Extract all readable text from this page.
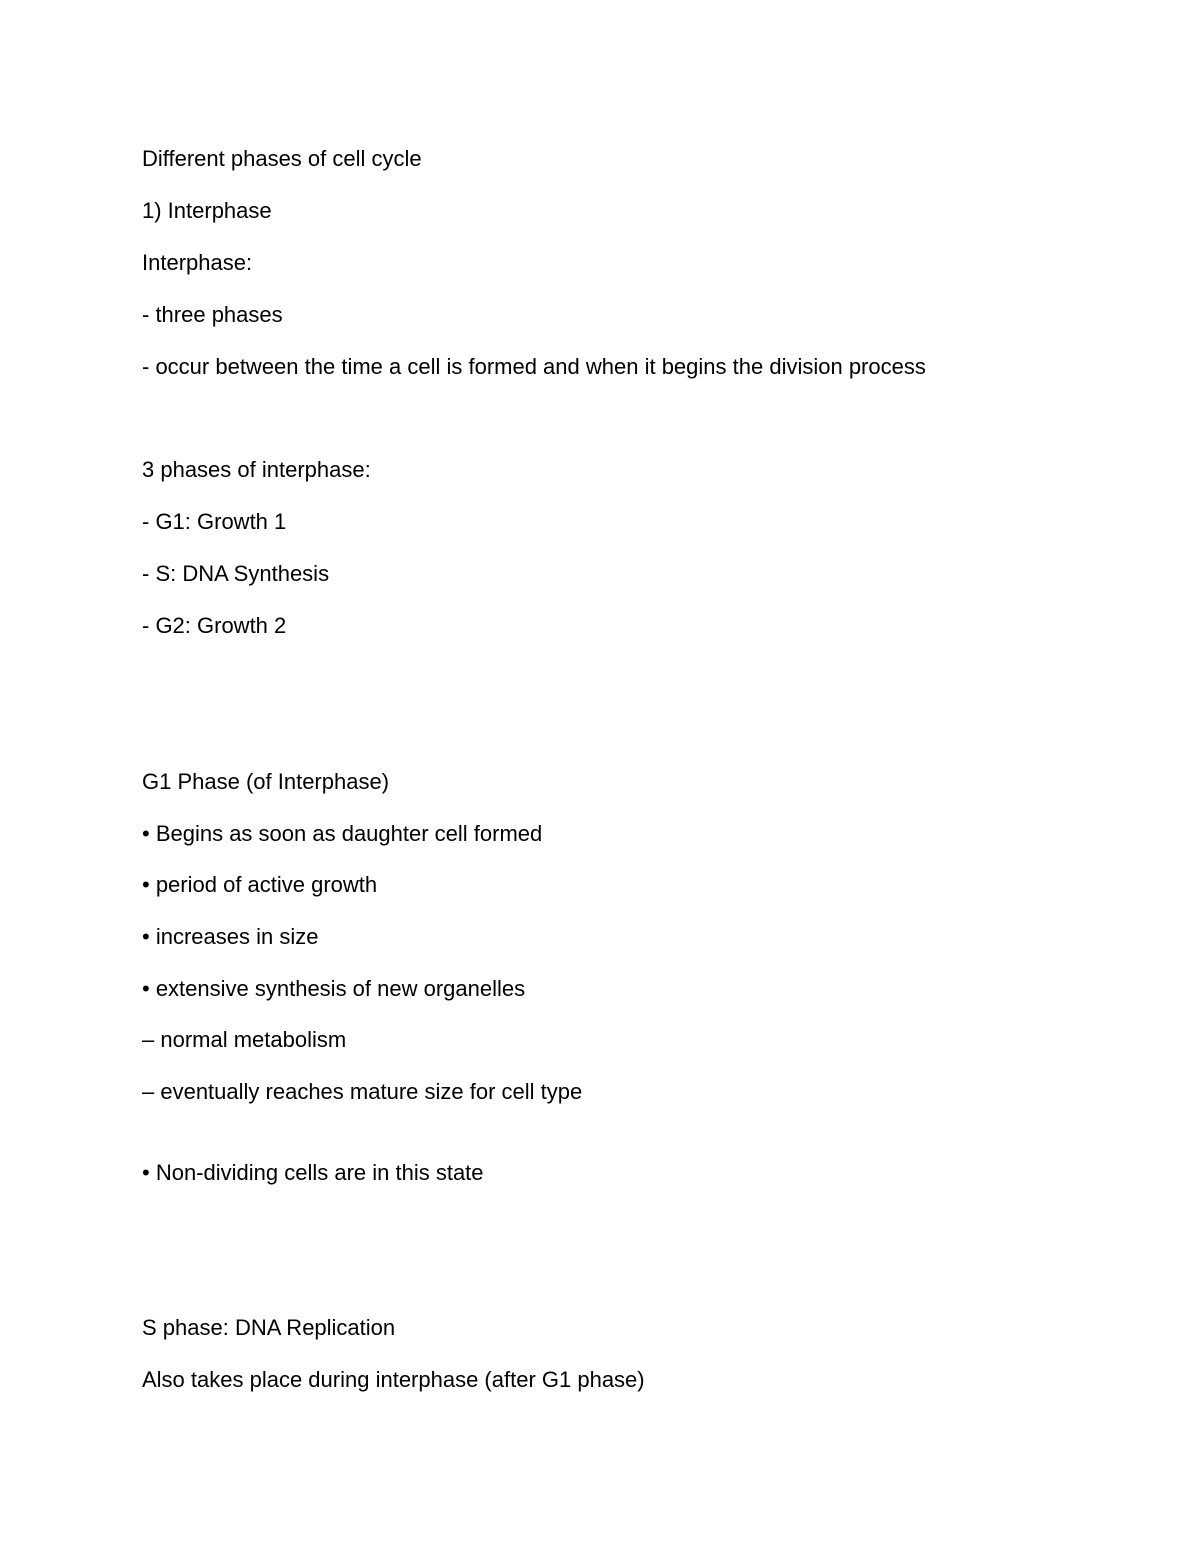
Different phases of cell cycle

1) Interphase

Interphase:

- three phases

- occur between the time a cell is formed and when it begins the division process

3 phases of interphase:

- G1: Growth 1

- S: DNA Synthesis

- G2: Growth 2

G1 Phase (of Interphase)

• Begins as soon as daughter cell formed

• period of active growth

• increases in size

• extensive synthesis of new organelles

– normal metabolism

– eventually reaches mature size for cell type

• Non-dividing cells are in this state

S phase: DNA Replication

Also takes place during interphase (after G1 phase)
